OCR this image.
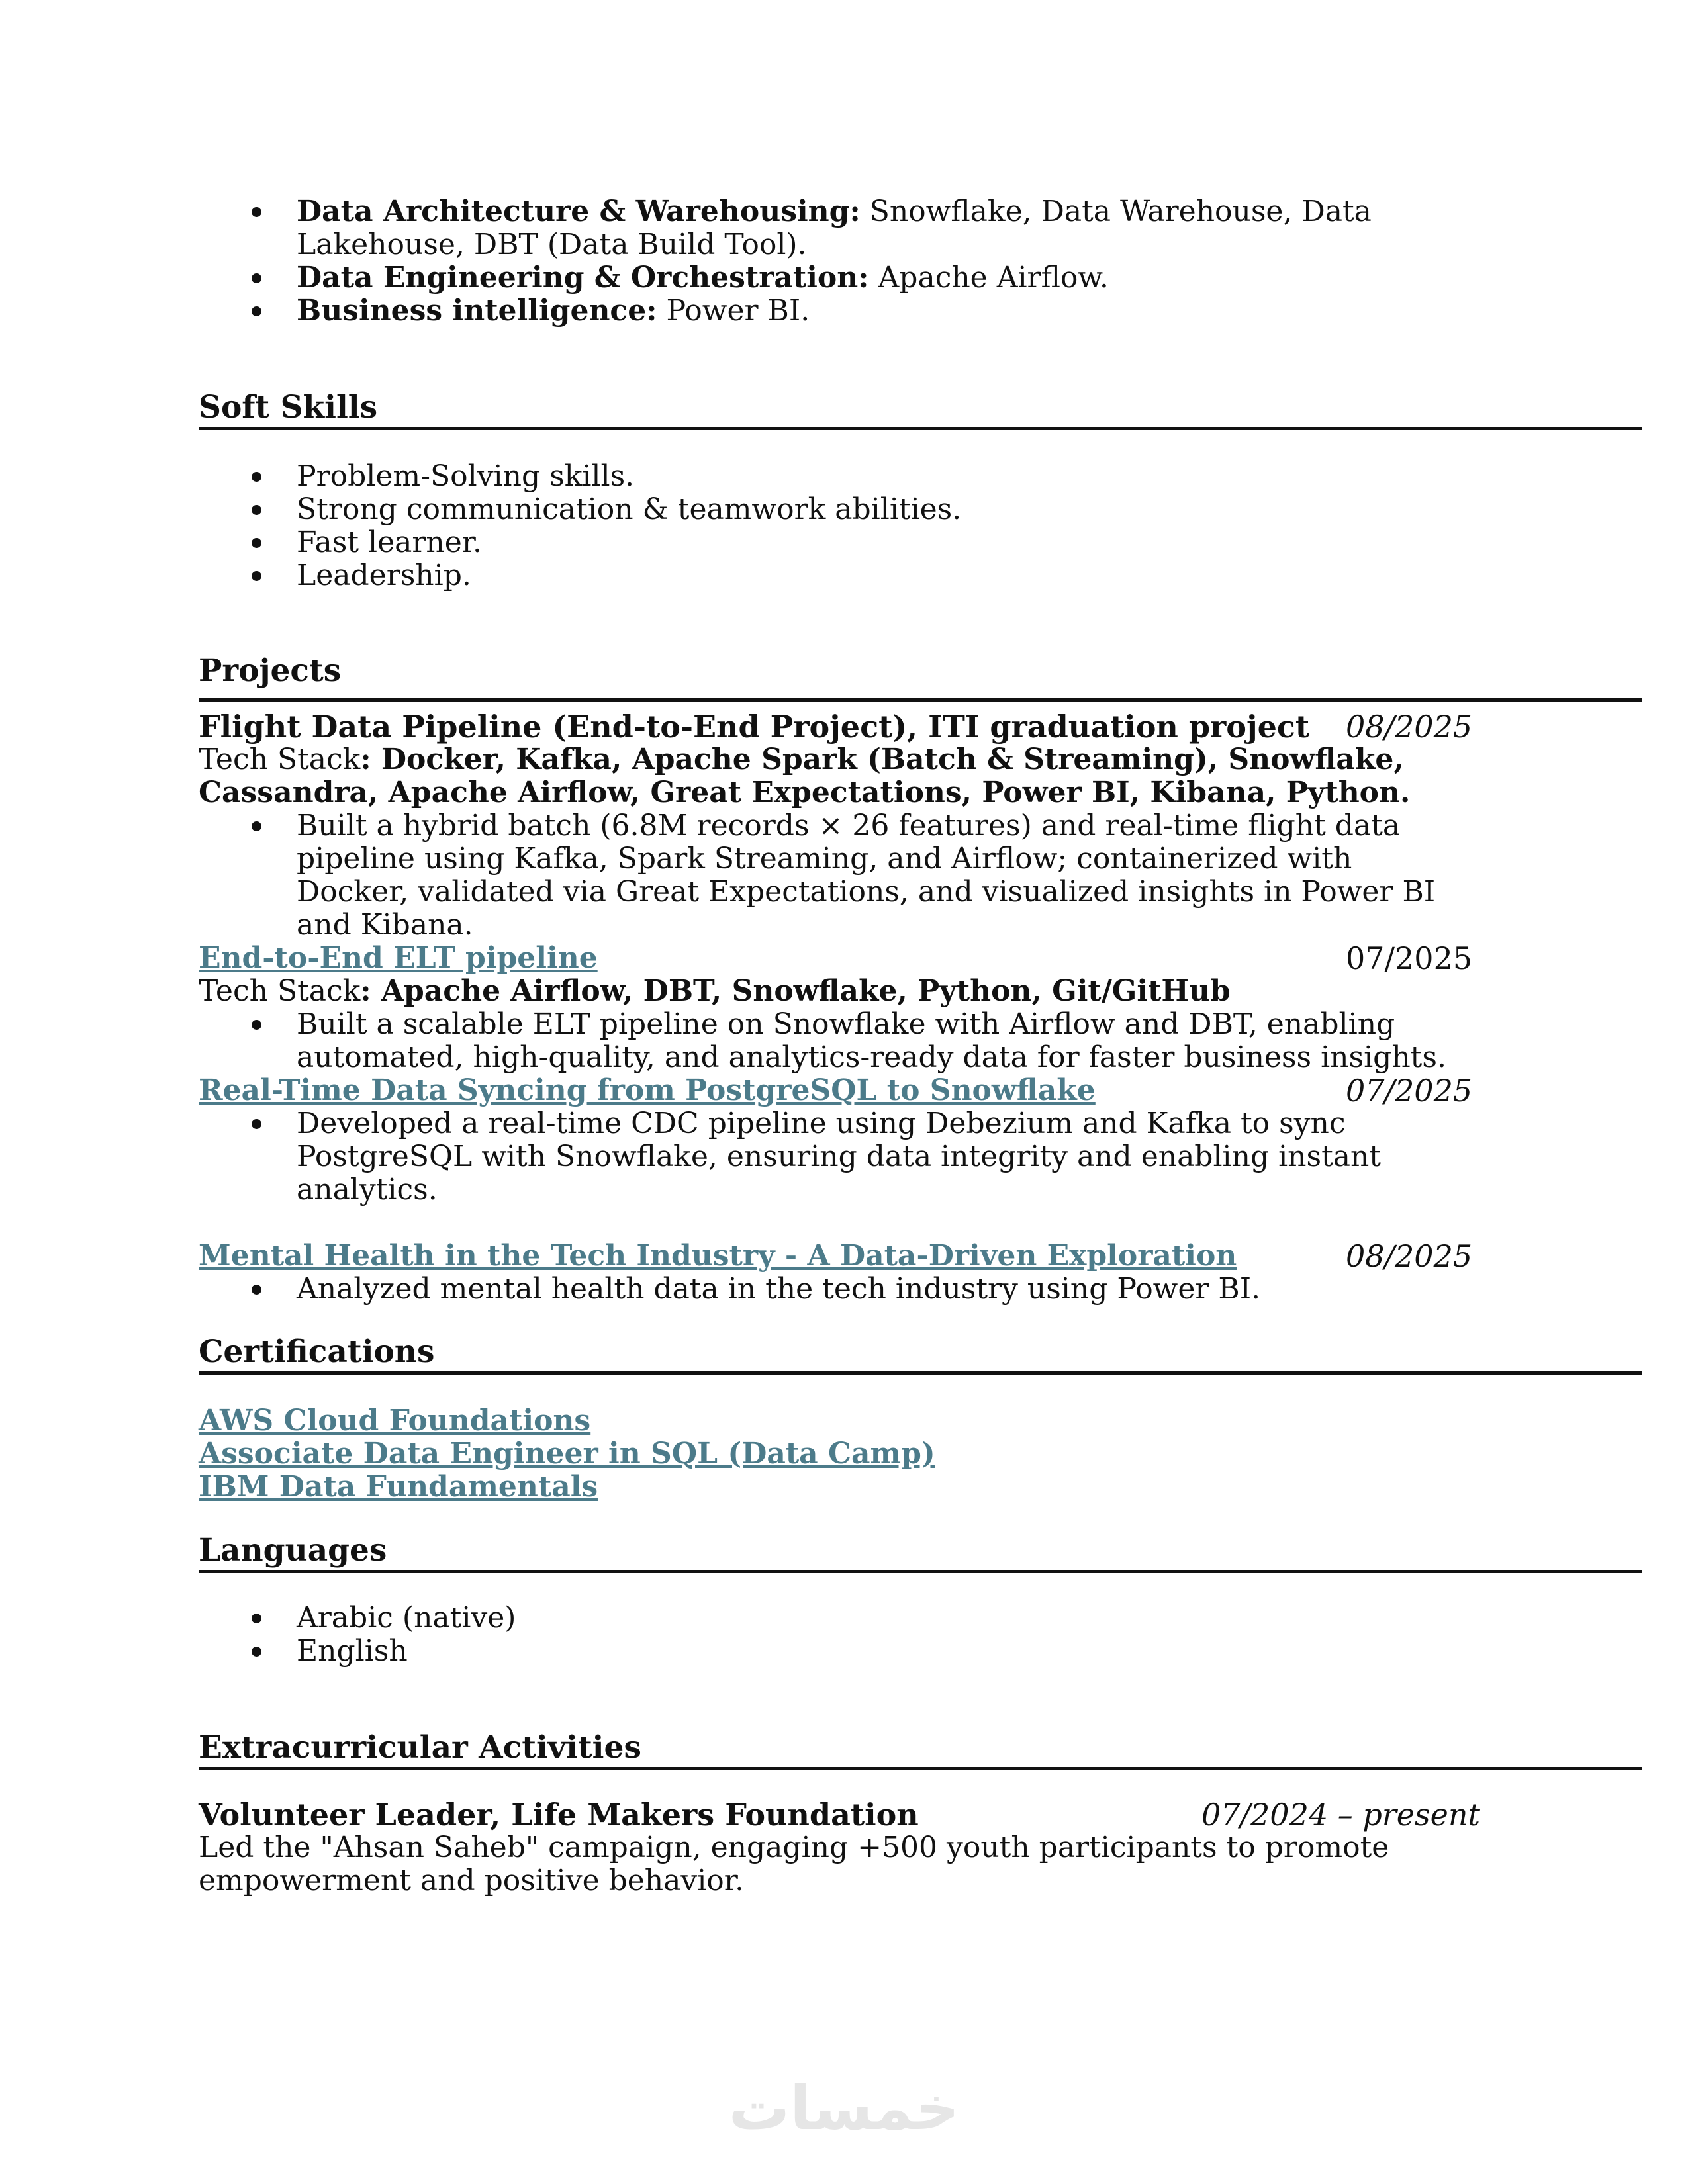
Data Architecture & Warehousing: Snowflake, Data Warehouse, Data
Lakehouse, DBT (Data Build Tool).
Data Engineering & Orchestration: Apache Airflow.
Business intelligence: Power BI.
Soft Skills
Problem-Solving skills.
Strong communication & teamwork abilities.
Fast learner.
Leadership.
Projects
Flight Data Pipeline (End-to-End Project), ITI graduation project 08/2025
Tech Stack: Docker, Kafka, Apache Spark (Batch & Streaming), Snowflake,
Cassandra, Apache Airflow, Great Expectations, Power BI, Kibana, Python.
Built a hybrid batch (6.8M records × 26 features) and real-time flight data
pipeline using Kafka, Spark Streaming, and Airflow; containerized with
Docker, validated via Great Expectations, and visualized insights in Power BI
and Kibana.
End-to-End ELT pipeline	07/2025
Tech Stack: Apache Airflow, DBT, Snowflake, Python, Git/GitHub
Built a scalable ELT pipeline on Snowflake with Airflow and DBT, enabling
automated, high-quality, and analytics-ready data for faster business insights.
Real-Time Data Syncing from PostgreSQL to Snowflake	07/2025
Developed a real-time CDC pipeline using Debezium and Kafka to sync
PostgreSQL with Snowflake, ensuring data integrity and enabling instant
analytics.
Mental Health in the Tech Industry - A Data-Driven Exploration	08/2025
Analyzed mental health data in the tech industry using Power BI.
Certifications
AWS Cloud Foundations
Associate Data Engineer in SQL (Data Camp)
IBM Data Fundamentals
Languages
Arabic (native)
English
Extracurricular Activities
Volunteer Leader, Life Makers Foundation	07/2024 – present
Led the "Ahsan Saheb" campaign, engaging +500 youth participants to promote
empowerment and positive behavior.
خمسات
